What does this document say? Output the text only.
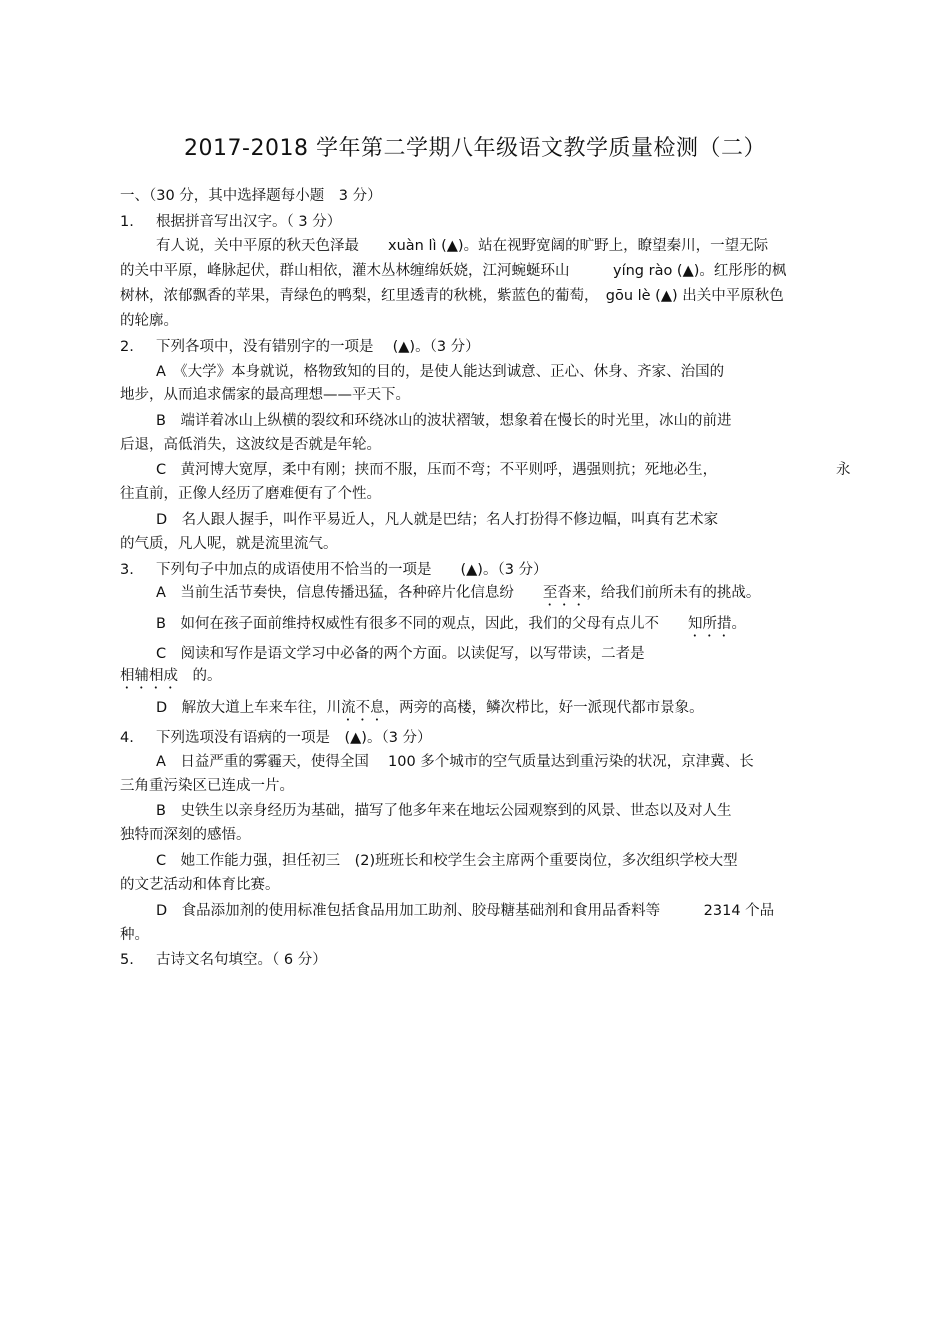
2017-2018 学年第二学期八年级语文教学质量检测（二）
一、（30 分，其中选择题每小题　3 分）
1. 根据拼音写出汉字。（ 3 分）
有人说，关中平原的秋天色泽最　　xuàn lì (▲)。站在视野宽阔的旷野上，瞭望秦川，一望无际
的关中平原，峰脉起伏，群山相依，灌木丛林缠绵妖娆，江河蜿蜒环山　　　yíng rào (▲)。红彤彤的枫
树林，浓郁飘香的苹果，青绿色的鸭梨，红里透青的秋桃，紫蓝色的葡萄，　gōu lè (▲) 出关中平原秋色
的轮廓。
2. 下列各项中，没有错别字的一项是　 (▲)。（3 分）
A　《大学》本身就说，格物致知的目的，是使人能达到诚意、正心、休身、齐家、治国的
地步，从而追求儒家的最高理想——平天下。
B　端详着冰山上纵横的裂纹和环绕冰山的波状褶皱，想象着在慢长的时光里，冰山的前进
后退，高低消失，这波纹是否就是年轮。
C　黄河博大宽厚，柔中有刚；挟而不服，压而不弯；不平则呼，遇强则抗；死地必生，	永
往直前，正像人经历了磨难便有了个性。
D　名人跟人握手，叫作平易近人，凡人就是巴结；名人打扮得不修边幅，叫真有艺术家
的气质，凡人呢，就是流里流气。
3. 下列句子中加点的成语使用不恰当的一项是　　(▲)。（3 分）
A　当前生活节奏快，信息传播迅猛，各种碎片化信息纷　　至沓来，给我们前所未有的挑战。
B　如何在孩子面前维持权威性有很多不同的观点，因此，我们的父母有点儿不　　知所措。
C　阅读和写作是语文学习中必备的两个方面。以读促写，以写带读，二者是
相辅相成　的。
D　解放大道上车来车往，川流不息，两旁的高楼，鳞次栉比，好一派现代都市景象。
4. 下列选项没有语病的一项是　(▲)。（3 分）
A　日益严重的雾霾天，使得全国　 100 多个城市的空气质量达到重污染的状况，京津冀、长
三角重污染区已连成一片。
B　史铁生以亲身经历为基础，描写了他多年来在地坛公园观察到的风景、世态以及对人生
独特而深刻的感悟。
C　她工作能力强，担任初三　(2)班班长和校学生会主席两个重要岗位，多次组织学校大型
的文艺活动和体育比赛。
D　食品添加剂的使用标准包括食品用加工助剂、胶母糖基础剂和食用品香料等　　　2314 个品
种。
5. 古诗文名句填空。（ 6 分）
